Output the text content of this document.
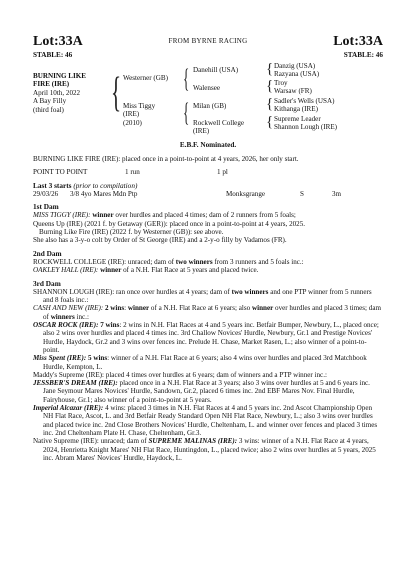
Lot:33A	FROM BYRNE RACING	Lot:33A
STABLE: 46	STABLE: 46
BURNING LIKE
FIRE (IRE)
April 10th, 2022
A Bay Filly
(third foal)	{ Westerner (GB)
Miss Tiggy
(IRE)
(2010)
{
{
Danehill (USA)
Walensee
Milan (GB)
Rockwell College
(IRE)
{
{
{
{
Danzig (USA)
Razyana (USA)
Troy
Warsaw (FR)
Sadler's Wells (USA)
Kithanga (IRE)
Supreme Leader
Shannon Lough (IRE)
E.B.F. Nominated.

BURNING LIKE FIRE (IRE): placed once in a point-to-point at 4 years, 2026, her only start.

POINT TO POINT	1 run	1 pl
Last 3 starts (prior to compilation)
29/03/26	3/8 4yo Mares Mdn Ptp	Monksgrange	S	3m
1st Dam

MISS TIGGY (IRE): winner over hurdles and placed 4 times; dam of 2 runners from 5 foals;

Queens Up (IRE) (2021 f. by Getaway (GER)): placed once in a point-to-point at 4 years, 2025.

Burning Like Fire (IRE) (2022 f. by Westerner (GB)): see above.

She also has a 3-y-o colt by Order of St George (IRE) and a 2-y-o filly by Vadamos (FR).

2nd Dam

ROCKWELL COLLEGE (IRE): unraced; dam of two winners from 3 runners and 5 foals inc.:

OAKLEY HALL (IRE): winner of a N.H. Flat Race at 5 years and placed twice.

3rd Dam

SHANNON LOUGH (IRE): ran once over hurdles at 4 years; dam of two winners and one PTP winner from 5 runners and 8 foals inc.:

CASH AND NEW (IRE): 2 wins: winner of a N.H. Flat Race at 6 years; also winner over hurdles and placed 3 times; dam of winners inc.:

OSCAR ROCK (IRE): 7 wins: 2 wins in N.H. Flat Races at 4 and 5 years inc. Betfair Bumper, Newbury, L., placed once; also 2 wins over hurdles and placed 4 times inc. 3rd Challow Novices' Hurdle, Newbury, Gr.1 and Prestige Novices' Hurdle, Haydock, Gr.2 and 3 wins over fences inc. Prelude H. Chase, Market Rasen, L.; also winner of a point-to-point.

Miss Spent (IRE): 5 wins: winner of a N.H. Flat Race at 6 years; also 4 wins over hurdles and placed 3rd Matchbook Hurdle, Kempton, L.

Maddy's Supreme (IRE): placed 4 times over hurdles at 6 years; dam of winners and a PTP winner inc.:

JESSBER'S DREAM (IRE): placed once in a N.H. Flat Race at 3 years; also 3 wins over hurdles at 5 and 6 years inc. Jane Seymour Mares Novices' Hurdle, Sandown, Gr.2, placed 6 times inc. 2nd EBF Mares Nov. Final Hurdle, Fairyhouse, Gr.1; also winner of a point-to-point at 5 years.

Imperial Alcazar (IRE): 4 wins: placed 3 times in N.H. Flat Races at 4 and 5 years inc. 2nd Ascot Championship Open NH Flat Race, Ascot, L. and 3rd Betfair Ready Standard Open NH Flat Race, Newbury, L.; also 3 wins over hurdles and placed twice inc. 2nd Close Brothers Novices' Hurdle, Cheltenham, L. and winner over fences and placed 3 times inc. 2nd Cheltenham Plate H. Chase, Cheltenham, Gr.3.

Native Supreme (IRE): unraced; dam of SUPREME MALINAS (IRE): 3 wins: winner of a N.H. Flat Race at 4 years, 2024, Henrietta Knight Mares' NH Flat Race, Huntingdon, L., placed twice; also 2 wins over hurdles at 5 years, 2025 inc. Abram Mares' Novices' Hurdle, Haydock, L.
